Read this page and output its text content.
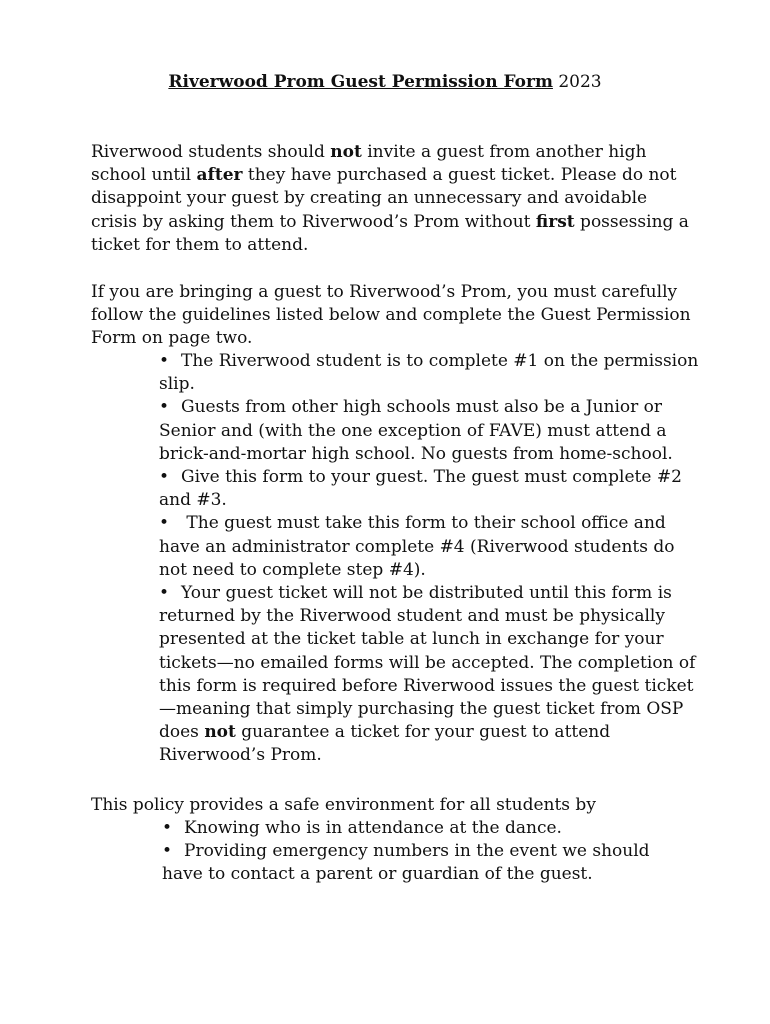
Riverwood Prom Guest Permission Form 2023

Riverwood students should not invite a guest from another high school until after they have purchased a guest ticket. Please do not disappoint your guest by creating an unnecessary and avoidable crisis by asking them to Riverwood’s Prom without first possessing a ticket for them to attend.

If you are bringing a guest to Riverwood’s Prom, you must carefully follow the guidelines listed below and complete the Guest Permission Form on page two.

• The Riverwood student is to complete #1 on the permission slip.
• Guests from other high schools must also be a Junior or Senior and (with the one exception of FAVE) must attend a brick-and-mortar high school. No guests from home-school.
• Give this form to your guest. The guest must complete #2 and #3.
• The guest must take this form to their school office and have an administrator complete #4 (Riverwood students do not need to complete step #4).
• Your guest ticket will not be distributed until this form is returned by the Riverwood student and must be physically presented at the ticket table at lunch in exchange for your tickets—no emailed forms will be accepted. The completion of this form is required before Riverwood issues the guest ticket—meaning that simply purchasing the guest ticket from OSP does not guarantee a ticket for your guest to attend Riverwood’s Prom.

This policy provides a safe environment for all students by

• Knowing who is in attendance at the dance.
• Providing emergency numbers in the event we should have to contact a parent or guardian of the guest.
